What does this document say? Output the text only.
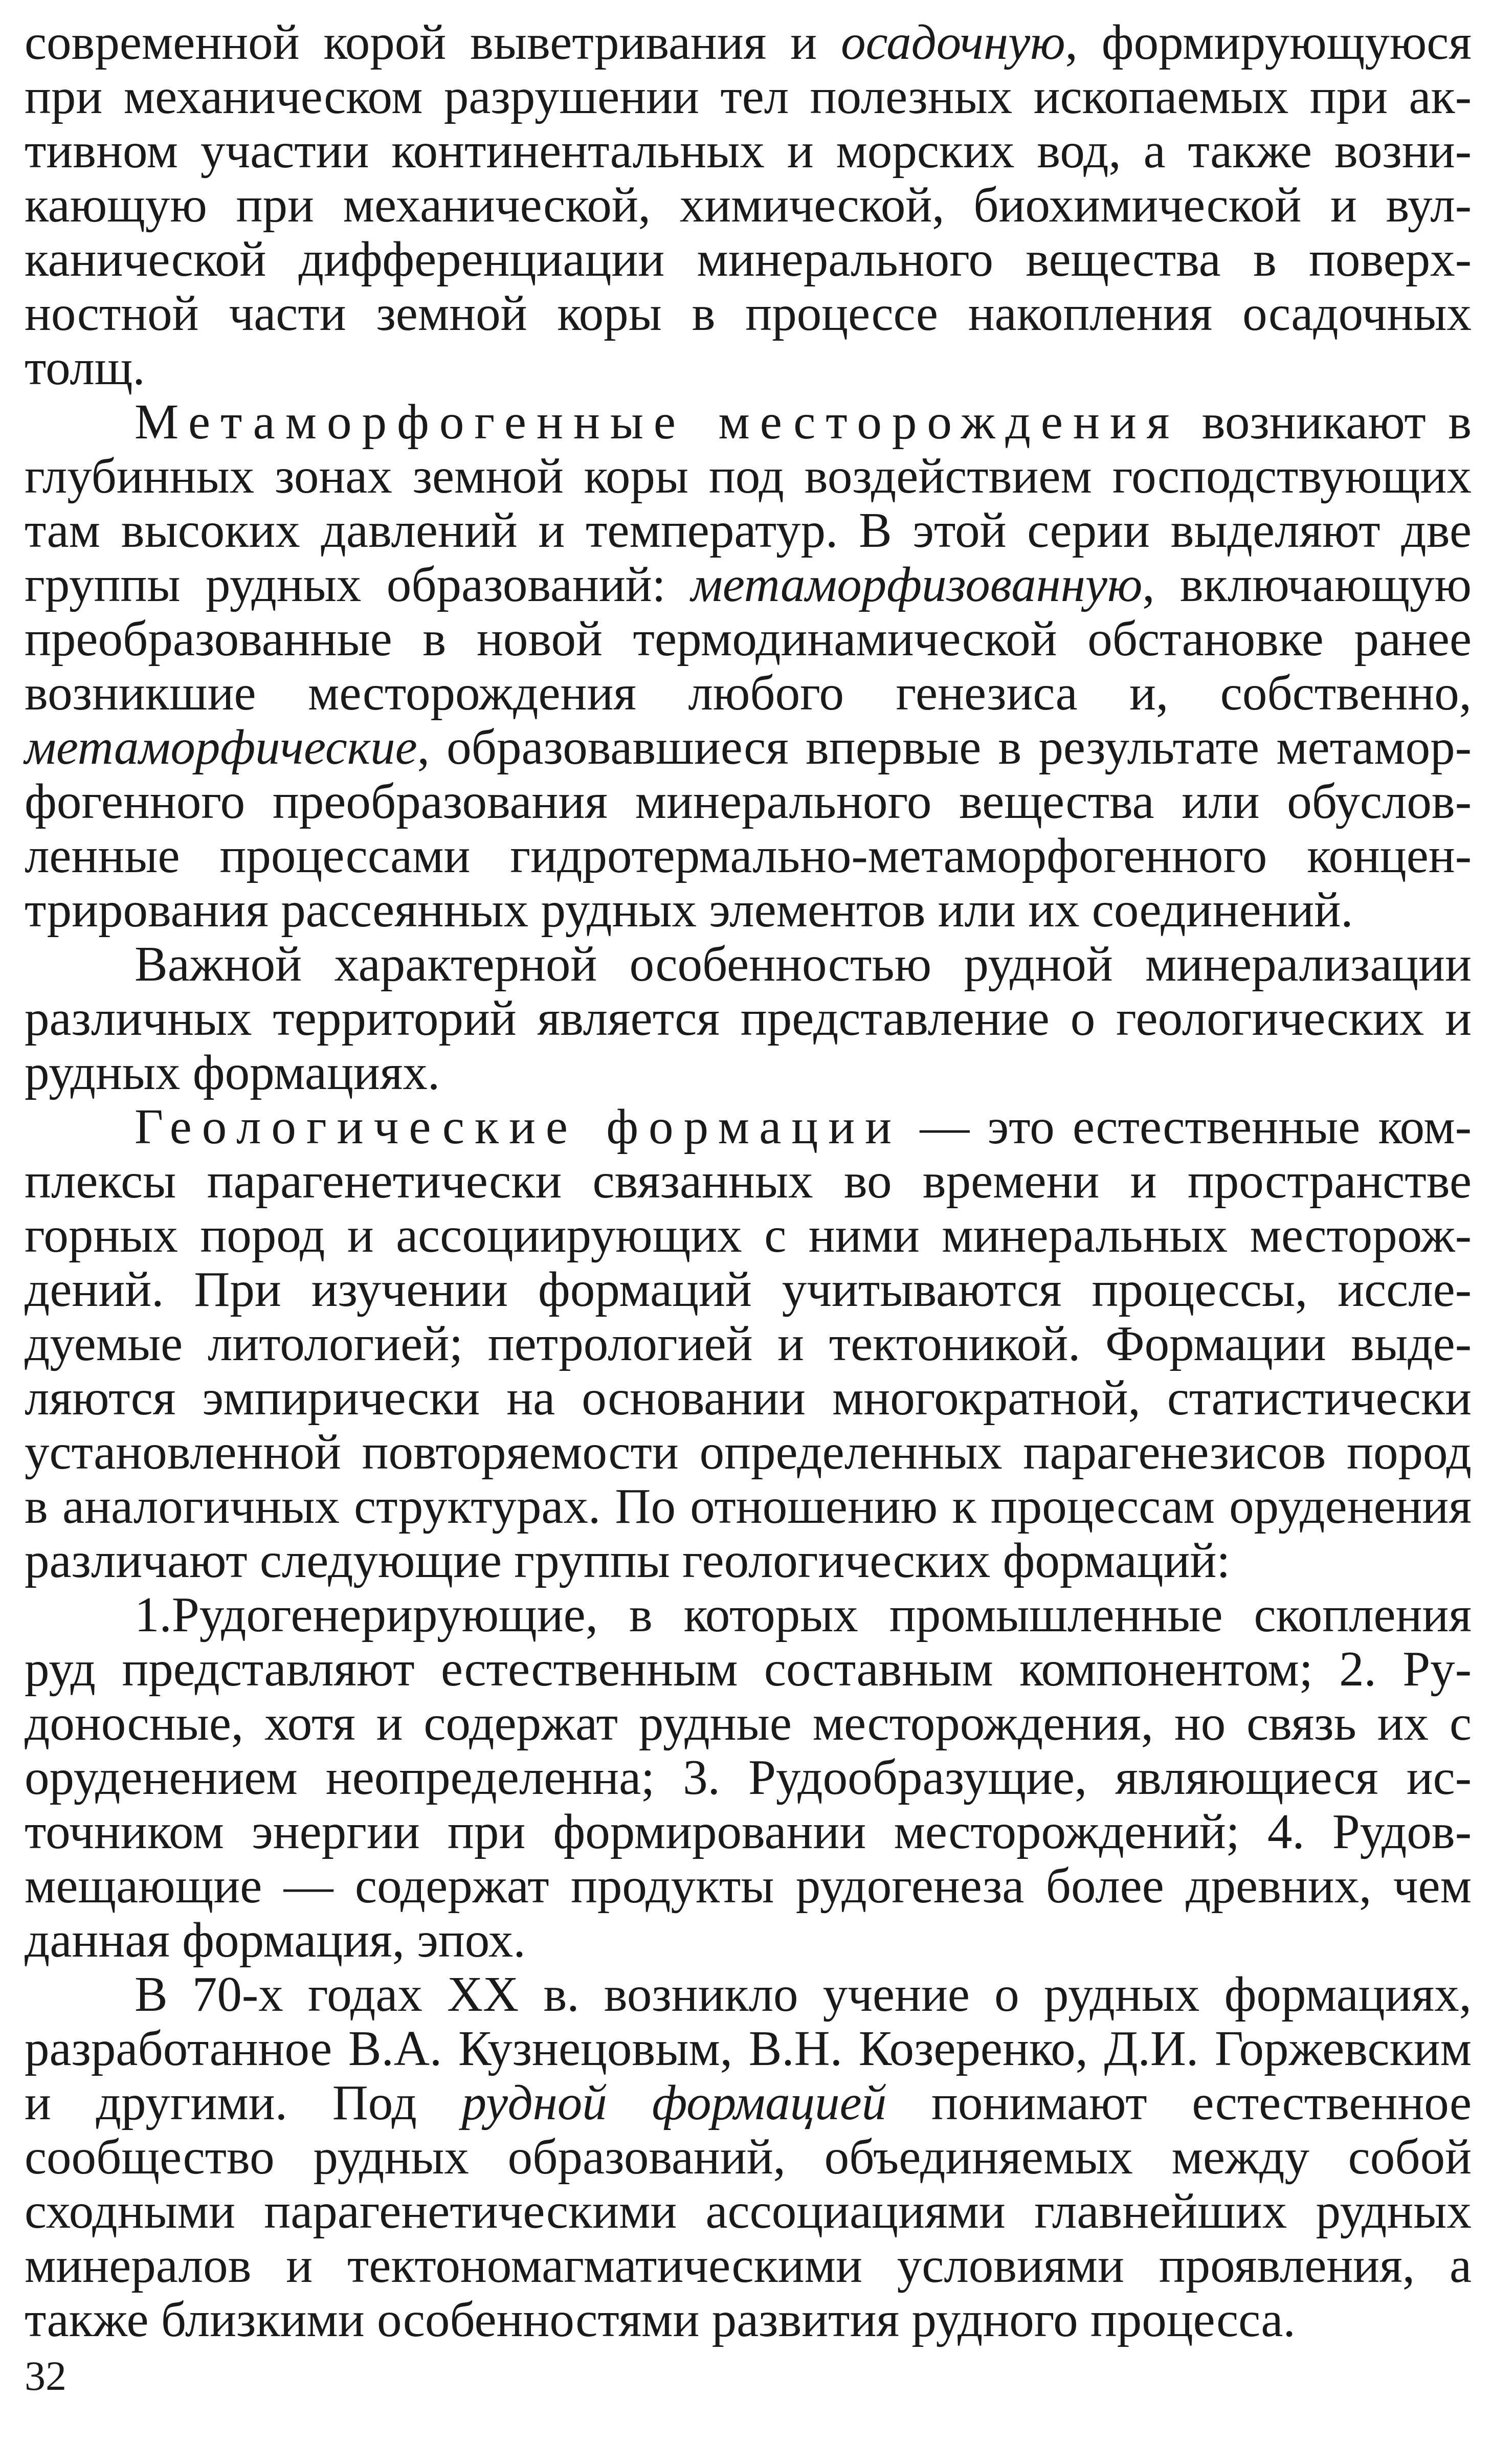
современной корой выветривания и осадочную, формирующуюся при механическом разрушении тел полезных ископаемых при активном участии континентальных и морских вод, а также возникающую при механической, химической, биохимической и вулканической дифференциации минерального вещества в поверхностной части земной коры в процессе накопления осадочных толщ.

Метаморфогенные месторождения возникают в глубинных зонах земной коры под воздействием господствующих там высоких давлений и температур. В этой серии выделяют две группы рудных образований: метаморфизованную, включающую преобразованные в новой термодинамической обстановке ранее возникшие месторождения любого генезиса и, собственно, метаморфические, образовавшиеся впервые в результате метаморфогенного преобразования минерального вещества или обусловленные процессами гидротермально-метаморфогенного концентрирования рассеянных рудных элементов или их соединений.

Важной характерной особенностью рудной минерализации различных территорий является представление о геологических и рудных формациях.

Геологические формации — это естественные комплексы парагенетически связанных во времени и пространстве горных пород и ассоциирующих с ними минеральных месторождений. При изучении формаций учитываются процессы, исследуемые литологией; петрологией и тектоникой. Формации выделяются эмпирически на основании многократной, статистически установленной повторяемости определенных парагенезисов пород в аналогичных структурах. По отношению к процессам оруденения различают следующие группы геологических формаций:

1.Рудогенерирующие, в которых промышленные скопления руд представляют естественным составным компонентом; 2. Рудоносные, хотя и содержат рудные месторождения, но связь их с оруденением неопределенна; 3. Рудообразущие, являющиеся источником энергии при формировании месторождений; 4. Рудовмещающие — содержат продукты рудогенеза более древних, чем данная формация, эпох.

В 70-х годах XX в. возникло учение о рудных формациях, разработанное В.А. Кузнецовым, В.Н. Козеренко, Д.И. Горжевским и другими. Под рудной формацией понимают естественное сообщество рудных образований, объединяемых между собой сходными парагенетическими ассоциациями главнейших рудных минералов и тектономагматическими условиями проявления, а также близкими особенностями развития рудного процесса.

32
